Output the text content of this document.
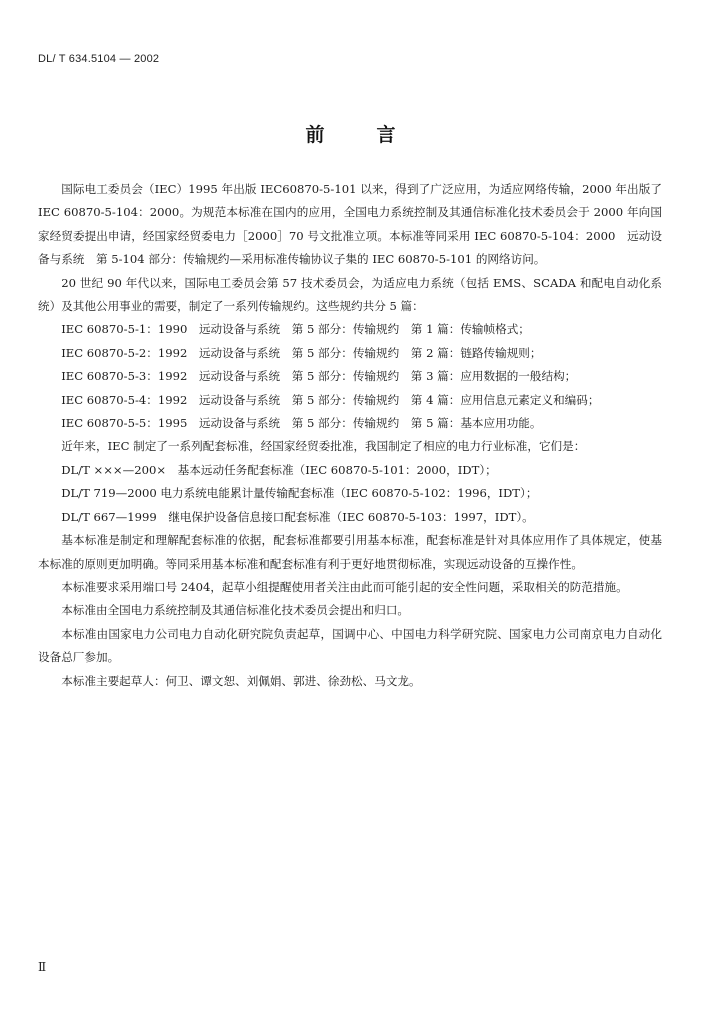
DL/ T 634.5104 — 2002
前言

国际电工委员会（IEC）1995 年出版 IEC60870-5-101 以来，得到了广泛应用，为适应网络传输，2000 年出版了 IEC 60870-5-104：2000。为规范本标准在国内的应用，全国电力系统控制及其通信标准化技术委员会于 2000 年向国家经贸委提出申请，经国家经贸委电力［2000］70 号文批准立项。本标准等同采用 IEC 60870-5-104：2000　远动设备与系统　第 5-104 部分：传输规约—采用标准传输协议子集的 IEC 60870-5-101 的网络访问。

20 世纪 90 年代以来，国际电工委员会第 57 技术委员会，为适应电力系统（包括 EMS、SCADA 和配电自动化系统）及其他公用事业的需要，制定了一系列传输规约。这些规约共分 5 篇：

IEC 60870-5-1：1990　远动设备与系统　第 5 部分：传输规约　第 1 篇：传输帧格式；

IEC 60870-5-2：1992　远动设备与系统　第 5 部分：传输规约　第 2 篇：链路传输规则；

IEC 60870-5-3：1992　远动设备与系统　第 5 部分：传输规约　第 3 篇：应用数据的一般结构；

IEC 60870-5-4：1992　远动设备与系统　第 5 部分：传输规约　第 4 篇：应用信息元素定义和编码；

IEC 60870-5-5：1995　远动设备与系统　第 5 部分：传输规约　第 5 篇：基本应用功能。

近年来，IEC 制定了一系列配套标准，经国家经贸委批准，我国制定了相应的电力行业标准，它们是：

DL/T ×××—200×　基本远动任务配套标准（IEC 60870-5-101：2000，IDT）；

DL/T 719—2000 电力系统电能累计量传输配套标准（IEC 60870-5-102：1996，IDT）；

DL/T 667—1999　继电保护设备信息接口配套标准（IEC 60870-5-103：1997，IDT）。

基本标准是制定和理解配套标准的依据，配套标准都要引用基本标准，配套标准是针对具体应用作了具体规定，使基本标准的原则更加明确。等同采用基本标准和配套标准有利于更好地贯彻标准，实现远动设备的互操作性。

本标准要求采用端口号 2404，起草小组提醒使用者关注由此而可能引起的安全性问题，采取相关的防范措施。

本标准由全国电力系统控制及其通信标准化技术委员会提出和归口。

本标准由国家电力公司电力自动化研究院负责起草，国调中心、中国电力科学研究院、国家电力公司南京电力自动化设备总厂参加。

本标准主要起草人：何卫、谭文恕、刘佩娟、郭进、徐劲松、马文龙。

Ⅱ
